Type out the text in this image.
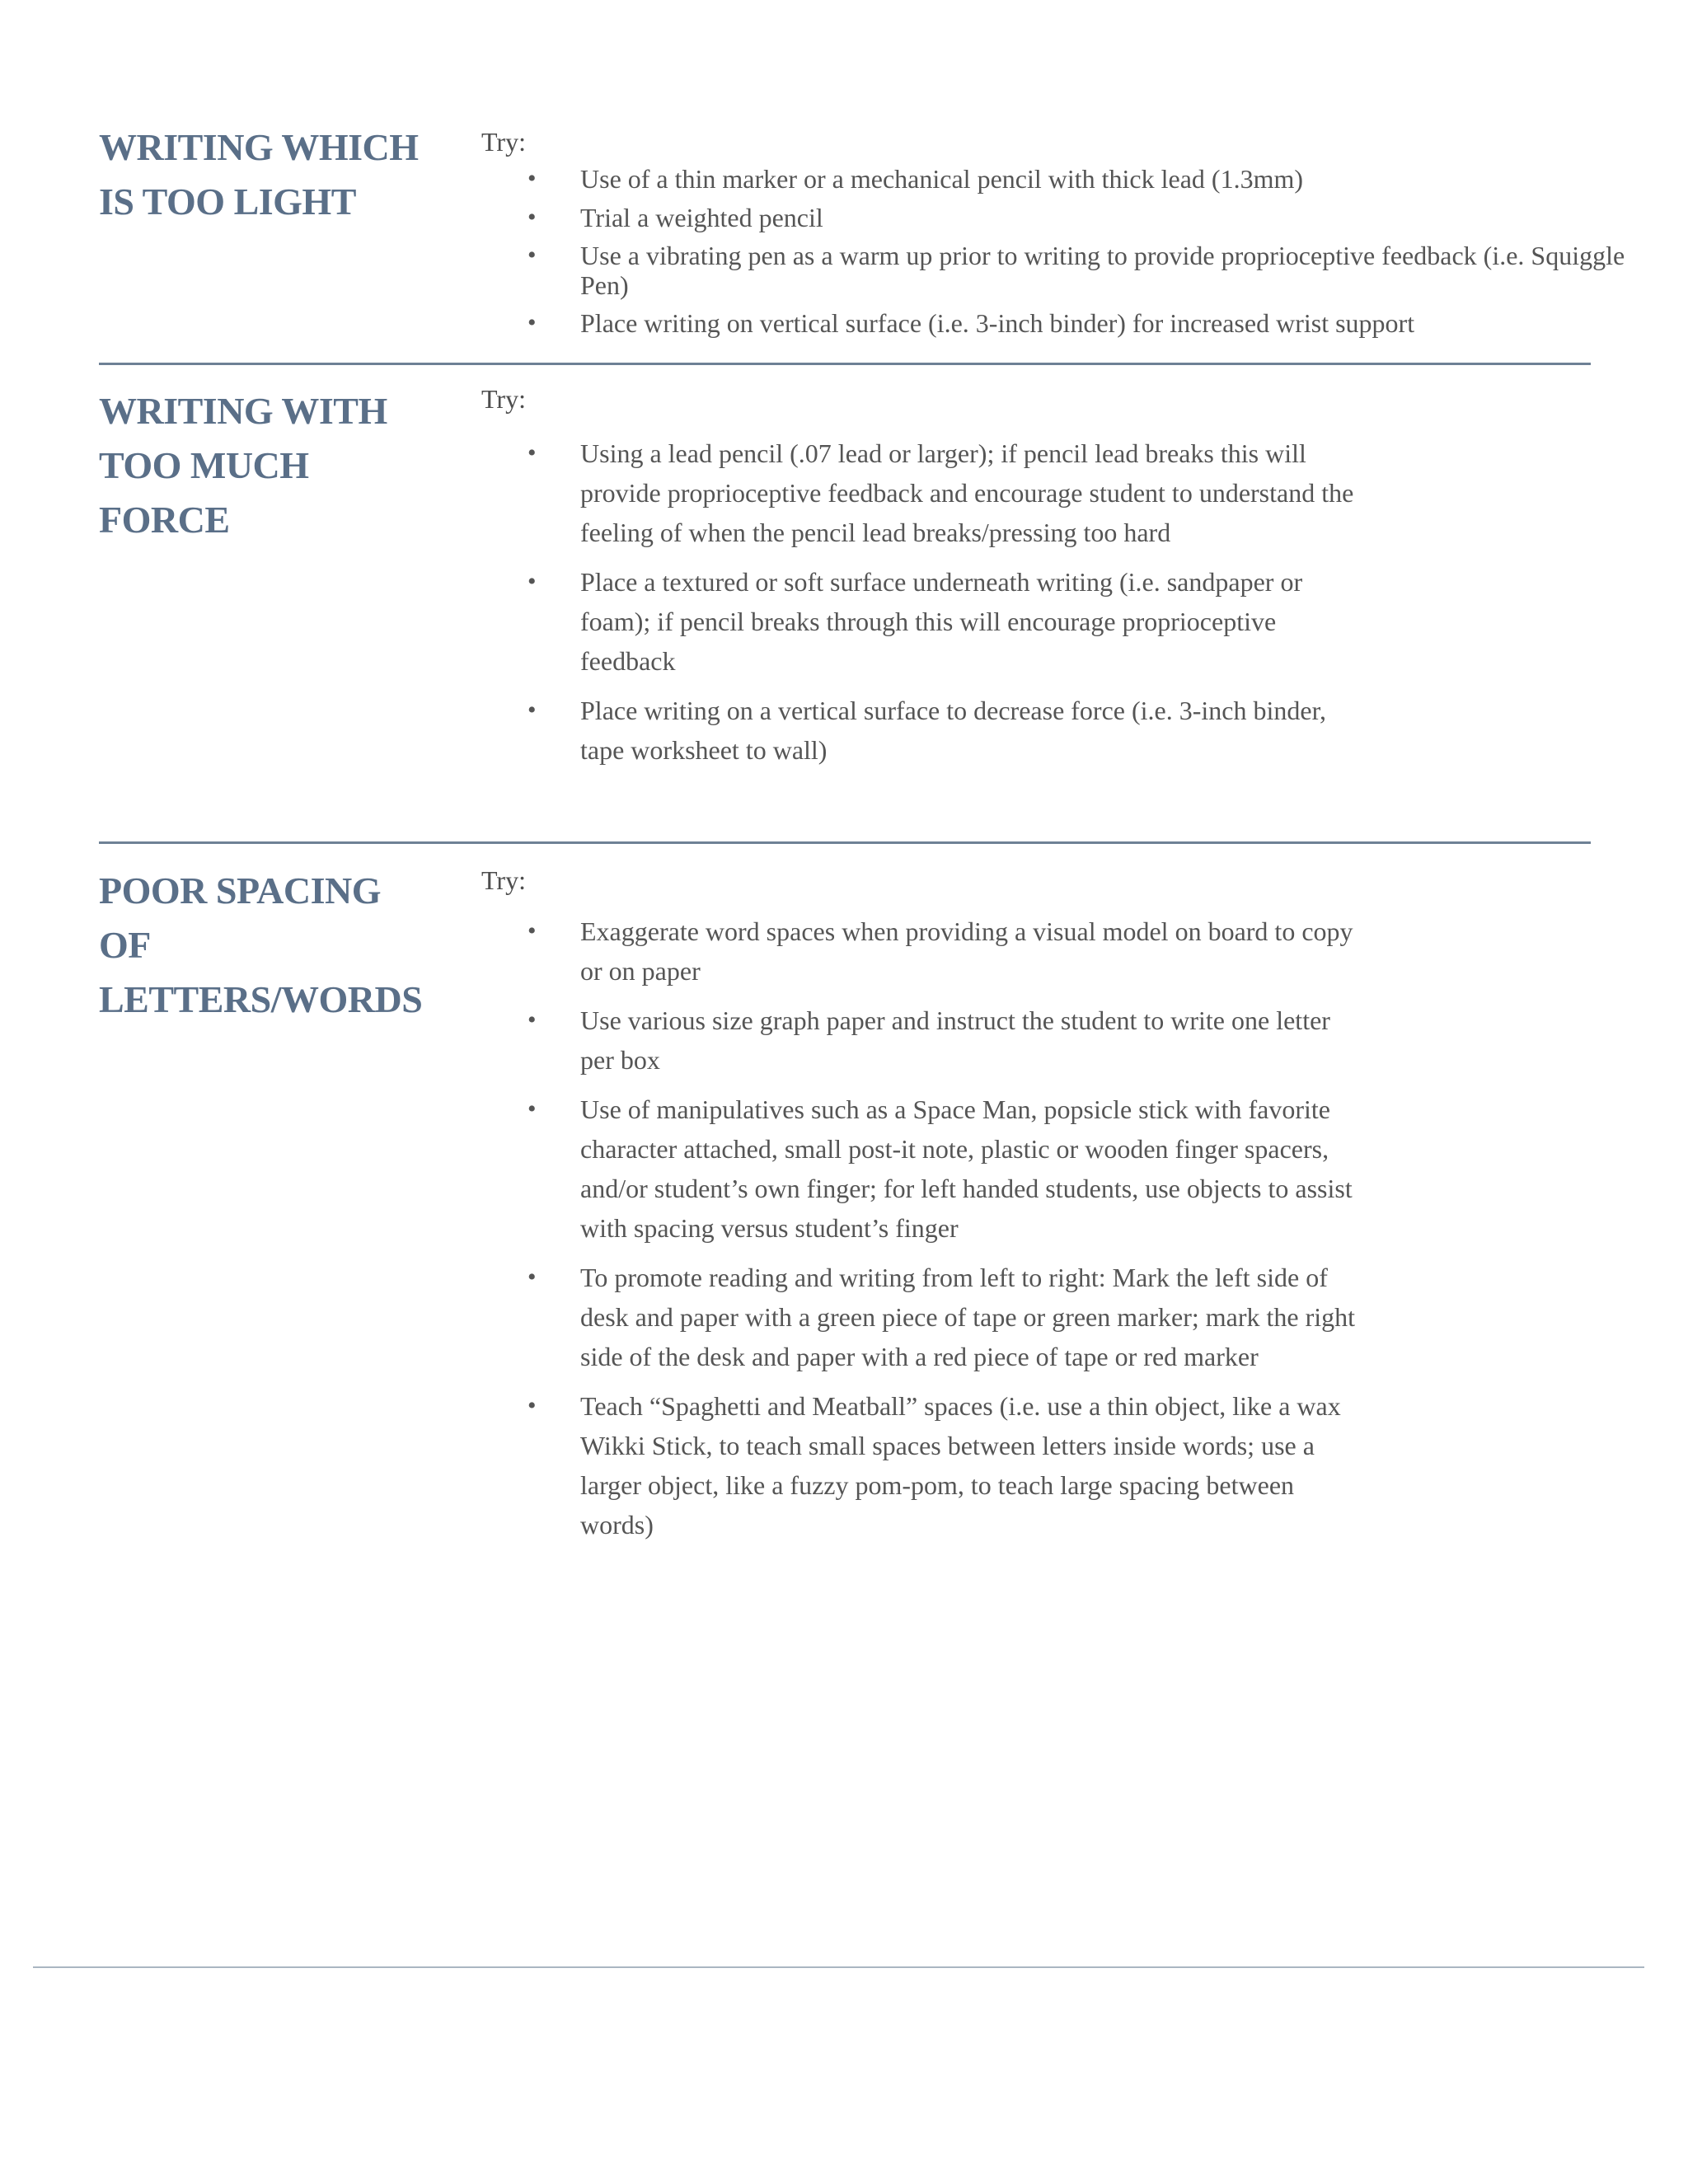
WRITING WHICH
IS TOO LIGHT
Try:
• Use of a thin marker or a mechanical pencil with thick lead (1.3mm)
• Trial a weighted pencil
• Use a vibrating pen as a warm up prior to writing to provide proprioceptive feedback (i.e. Squiggle Pen)
• Place writing on vertical surface (i.e. 3-inch binder) for increased wrist support
WRITING WITH
TOO MUCH
FORCE
Try:
• Using a lead pencil (.07 lead or larger); if pencil lead breaks this will provide proprioceptive feedback and encourage student to understand the feeling of when the pencil lead breaks/pressing too hard
• Place a textured or soft surface underneath writing (i.e. sandpaper or foam); if pencil breaks through this will encourage proprioceptive feedback
• Place writing on a vertical surface to decrease force (i.e. 3-inch binder, tape worksheet to wall)
POOR SPACING
OF
LETTERS/WORDS
Try:
• Exaggerate word spaces when providing a visual model on board to copy or on paper
• Use various size graph paper and instruct the student to write one letter per box
• Use of manipulatives such as a Space Man, popsicle stick with favorite character attached, small post-it note, plastic or wooden finger spacers, and/or student’s own finger; for left handed students, use objects to assist with spacing versus student’s finger
• To promote reading and writing from left to right: Mark the left side of desk and paper with a green piece of tape or green marker; mark the right side of the desk and paper with a red piece of tape or red marker
• Teach “Spaghetti and Meatball” spaces (i.e. use a thin object, like a wax Wikki Stick, to teach small spaces between letters inside words; use a larger object, like a fuzzy pom-pom, to teach large spacing between words)
